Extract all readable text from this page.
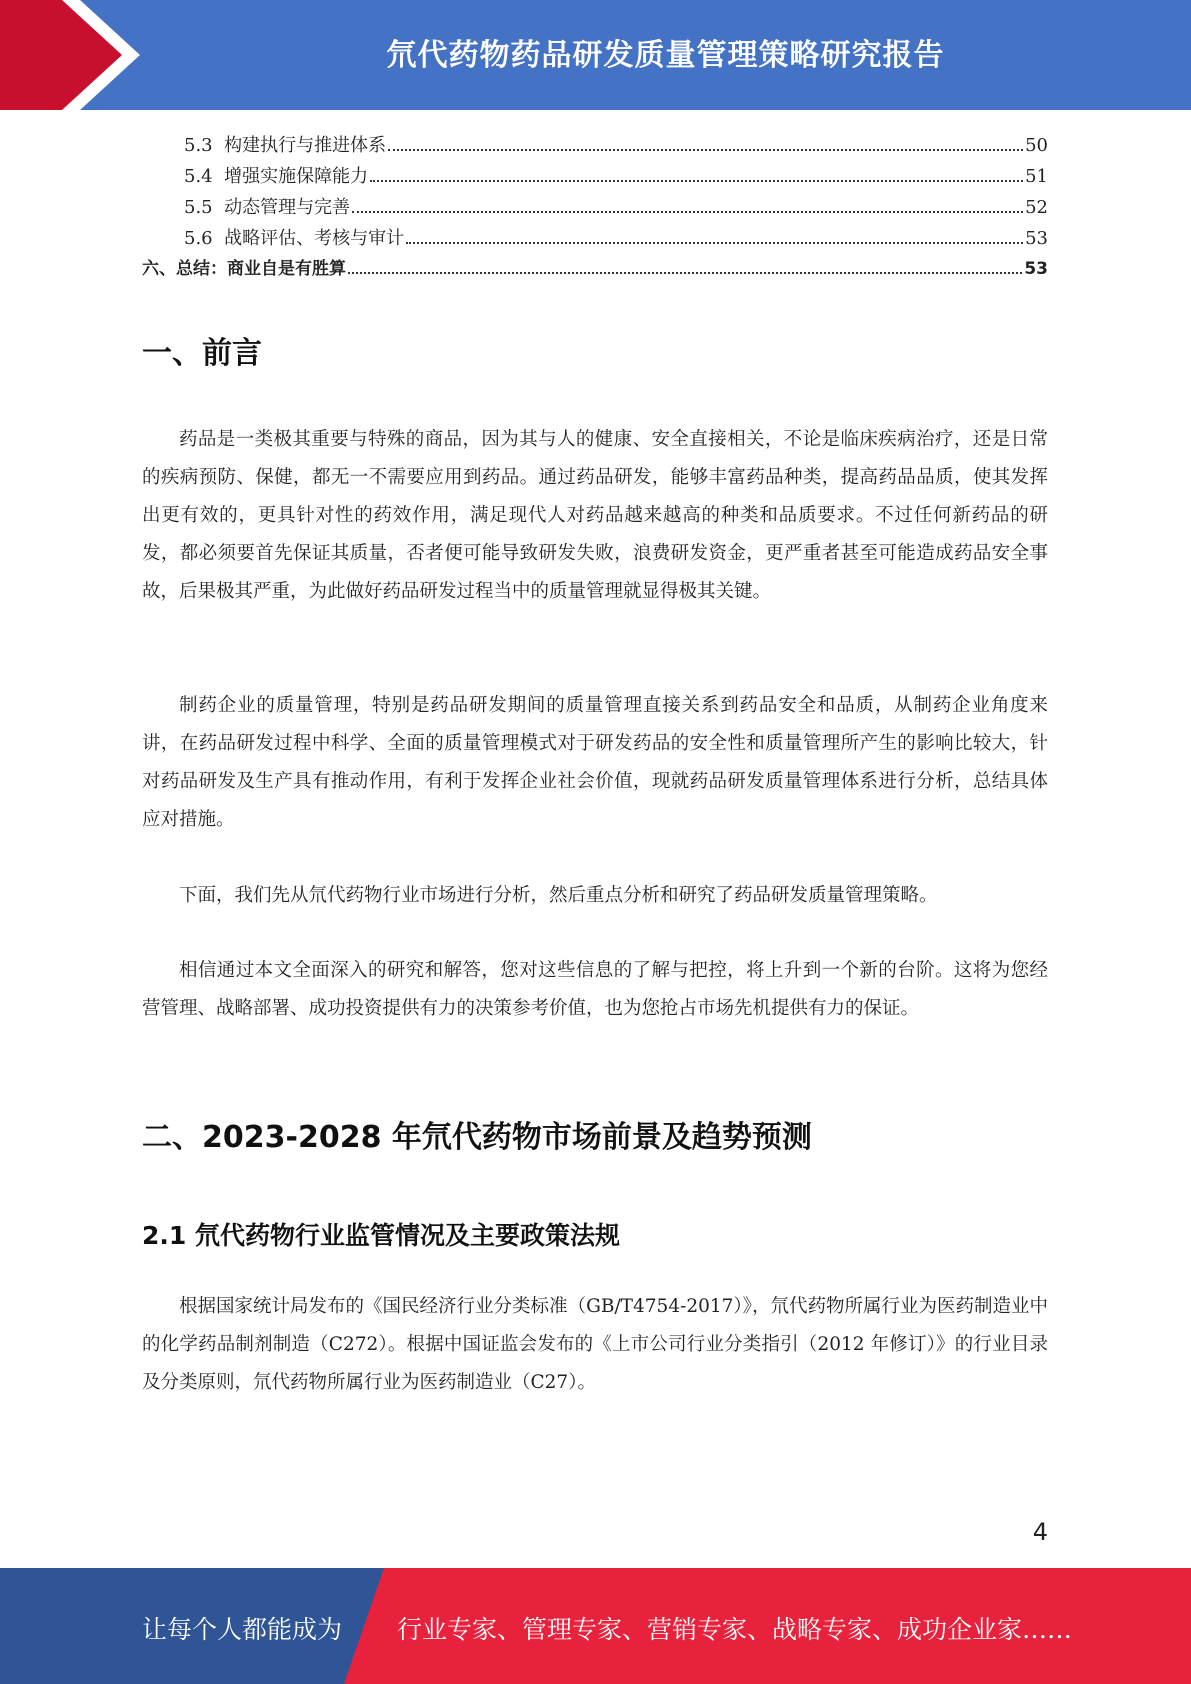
氘代药物药品研发质量管理策略研究报告
5.3  构建执行与推进体系	50
5.4  增强实施保障能力	51
5.5  动态管理与完善	52
5.6  战略评估、考核与审计	53
六、总结：商业自是有胜算	53
一、前言

药品是一类极其重要与特殊的商品，因为其与人的健康、安全直接相关，不论是临床疾病治疗，还是日常的疾病预防、保健，都无一不需要应用到药品。通过药品研发，能够丰富药品种类，提高药品品质，使其发挥出更有效的，更具针对性的药效作用，满足现代人对药品越来越高的种类和品质要求。不过任何新药品的研发，都必须要首先保证其质量，否者便可能导致研发失败，浪费研发资金，更严重者甚至可能造成药品安全事故，后果极其严重，为此做好药品研发过程当中的质量管理就显得极其关键。

制药企业的质量管理，特别是药品研发期间的质量管理直接关系到药品安全和品质，从制药企业角度来讲，在药品研发过程中科学、全面的质量管理模式对于研发药品的安全性和质量管理所产生的影响比较大，针对药品研发及生产具有推动作用，有利于发挥企业社会价值，现就药品研发质量管理体系进行分析，总结具体应对措施。

下面，我们先从氘代药物行业市场进行分析，然后重点分析和研究了药品研发质量管理策略。

相信通过本文全面深入的研究和解答，您对这些信息的了解与把控，将上升到一个新的台阶。这将为您经营管理、战略部署、成功投资提供有力的决策参考价值，也为您抢占市场先机提供有力的保证。

二、2023-2028 年氘代药物市场前景及趋势预测
2.1 氘代药物行业监管情况及主要政策法规

根据国家统计局发布的《国民经济行业分类标准（GB/T4754-2017）》，氘代药物所属行业为医药制造业中的化学药品制剂制造（C272）。根据中国证监会发布的《上市公司行业分类指引（2012 年修订）》的行业目录及分类原则，氘代药物所属行业为医药制造业（C27）。

4
让每个人都能成为 行业专家、管理专家、营销专家、战略专家、成功企业家……
